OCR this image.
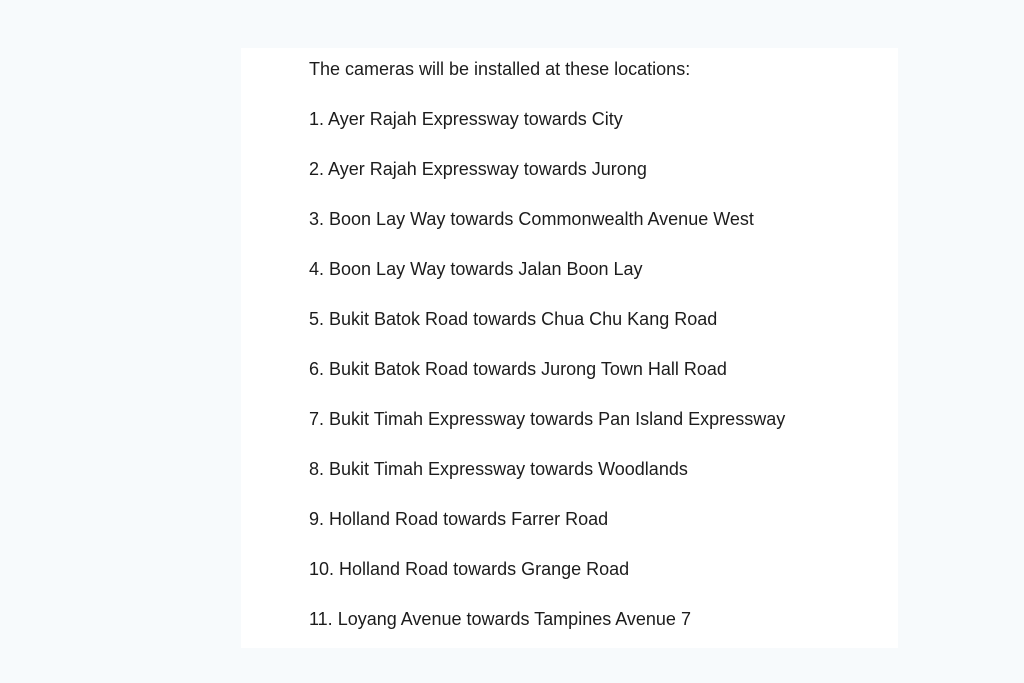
The cameras will be installed at these locations:

1. Ayer Rajah Expressway towards City
2. Ayer Rajah Expressway towards Jurong
3. Boon Lay Way towards Commonwealth Avenue West
4. Boon Lay Way towards Jalan Boon Lay
5. Bukit Batok Road towards Chua Chu Kang Road
6. Bukit Batok Road towards Jurong Town Hall Road
7. Bukit Timah Expressway towards Pan Island Expressway
8. Bukit Timah Expressway towards Woodlands
9. Holland Road towards Farrer Road
10. Holland Road towards Grange Road
11. Loyang Avenue towards Tampines Avenue 7
